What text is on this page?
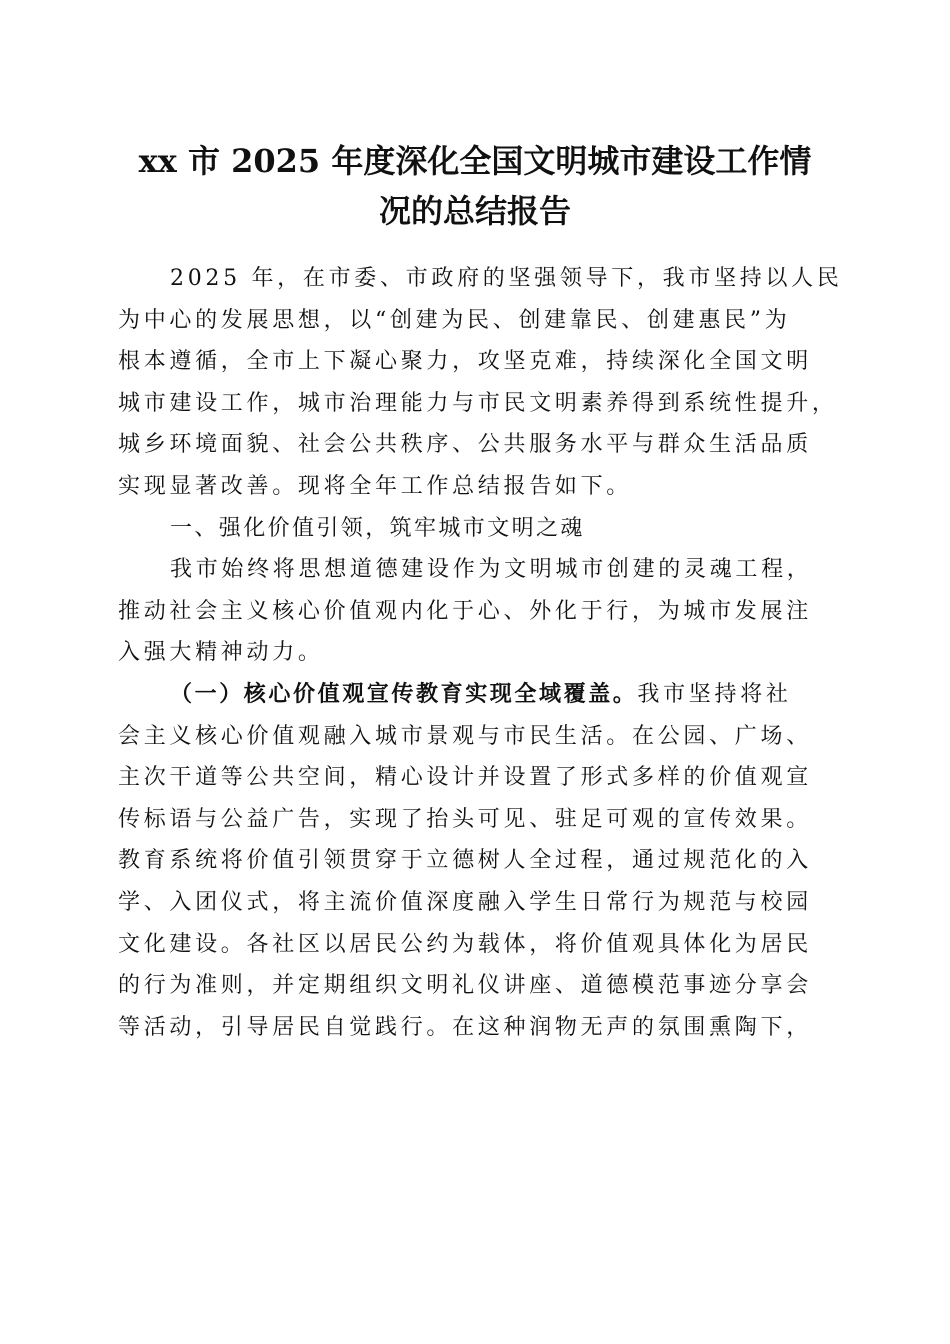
xx 市 2025 年度深化全国文明城市建设工作情
况的总结报告
2025 年，在市委、市政府的坚强领导下，我市坚持以人民
为中心的发展思想，以“创建为民、创建靠民、创建惠民”为
根本遵循，全市上下凝心聚力，攻坚克难，持续深化全国文明
城市建设工作，城市治理能力与市民文明素养得到系统性提升，
城乡环境面貌、社会公共秩序、公共服务水平与群众生活品质
实现显著改善。现将全年工作总结报告如下。
一、强化价值引领，筑牢城市文明之魂
我市始终将思想道德建设作为文明城市创建的灵魂工程，
推动社会主义核心价值观内化于心、外化于行，为城市发展注
入强大精神动力。
（一）核心价值观宣传教育实现全域覆盖。我市坚持将社
会主义核心价值观融入城市景观与市民生活。在公园、广场、
主次干道等公共空间，精心设计并设置了形式多样的价值观宣
传标语与公益广告，实现了抬头可见、驻足可观的宣传效果。
教育系统将价值引领贯穿于立德树人全过程，通过规范化的入
学、入团仪式，将主流价值深度融入学生日常行为规范与校园
文化建设。各社区以居民公约为载体，将价值观具体化为居民
的行为准则，并定期组织文明礼仪讲座、道德模范事迹分享会
等活动，引导居民自觉践行。在这种润物无声的氛围熏陶下，
